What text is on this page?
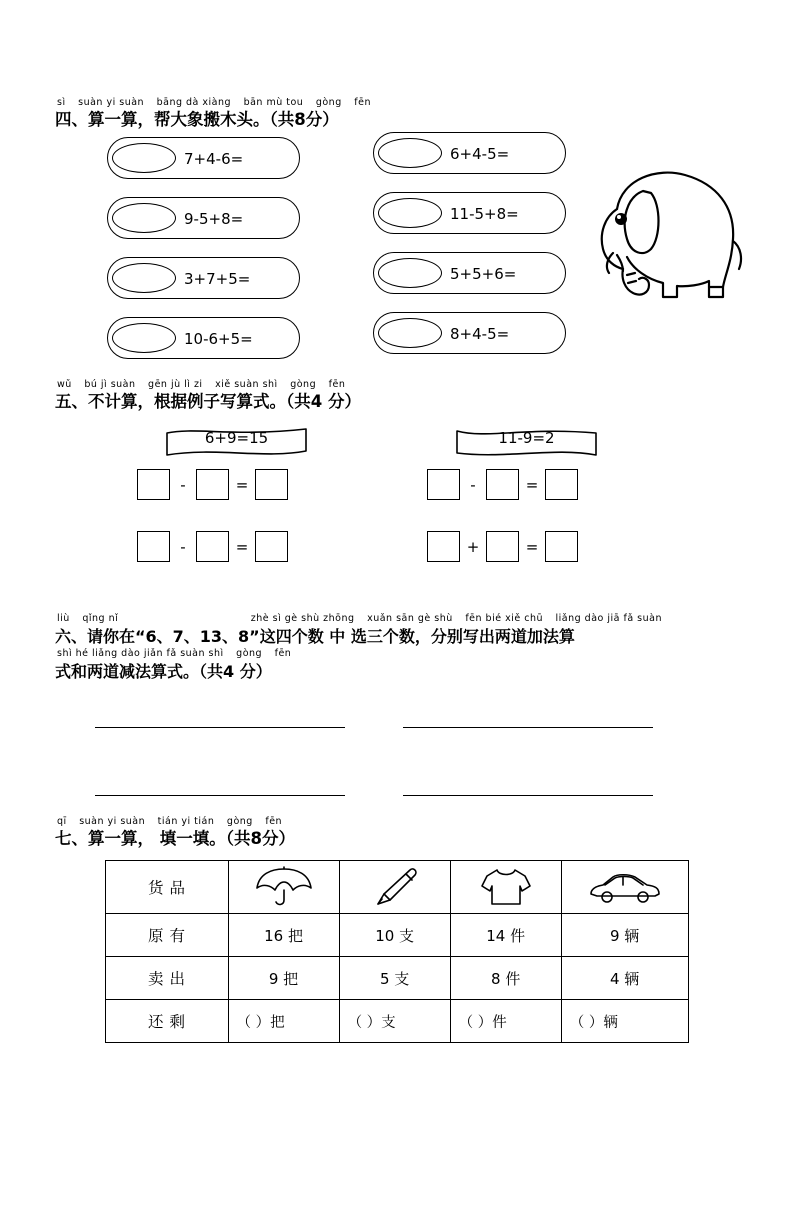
sì suàn yi suàn bāng dà xiàng bān mù tou gòng fēn
四、算一算，帮大象搬木头。（共8分）
7+4-6=
9-5+8=
3+7+5=
10-6+5=
6+4-5=
11-5+8=
5+5+6=
8+4-5=
wǔ bú jì suàn gēn jù lì zi xiě suàn shì gòng fēn
五、不计算，根据例子写算式。（共4 分）
6+9=15	11-9=2
-	=
-	=
-	=
+	=
liù qǐng nǐ	zhè sì gè shù zhōng xuǎn sān gè shù fēn bié xiě chū liǎng dào jiā fǎ suàn
六、请你在“6、7、13、8”这四个数 中 选三个数，分别写出两道加法算
shì hé liǎng dào jiǎn fǎ suàn shì gòng fēn
式和两道减法算式。（共4 分）
qī suàn yi suàn tián yi tián gòng fēn
七、算一算， 填一填。（共8分）
货品	

原有	16 把	10 支	14 件	9 辆
卖出	9 把	5 支	8 件	4 辆
还剩	（ ）把	（ ）支	（ ）件	（ ）辆
